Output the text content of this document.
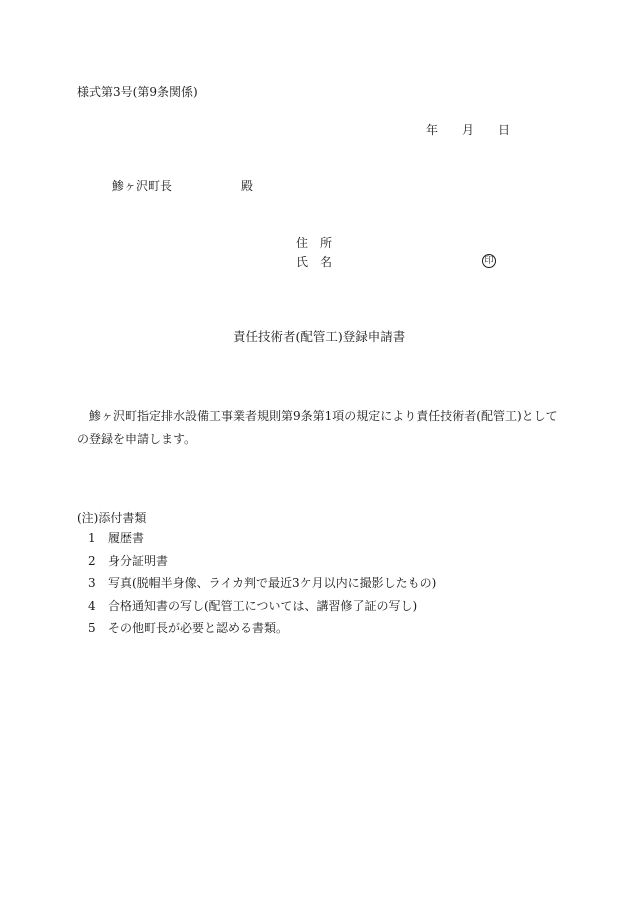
様式第3号(第9条関係)
年 月 日
鯵ヶ沢町長	殿
住　所
氏　名	印
責任技術者(配管工)登録申請書
鯵ヶ沢町指定排水設備工事業者規則第9条第1項の規定により責任技術者(配管工)としての登録を申請します。
(注)添付書類
1 履歴書
2 身分証明書
3 写真(脱帽半身像、ライカ判で最近3ケ月以内に撮影したもの)
4 合格通知書の写し(配管工については、講習修了証の写し)
5 その他町長が必要と認める書類。
